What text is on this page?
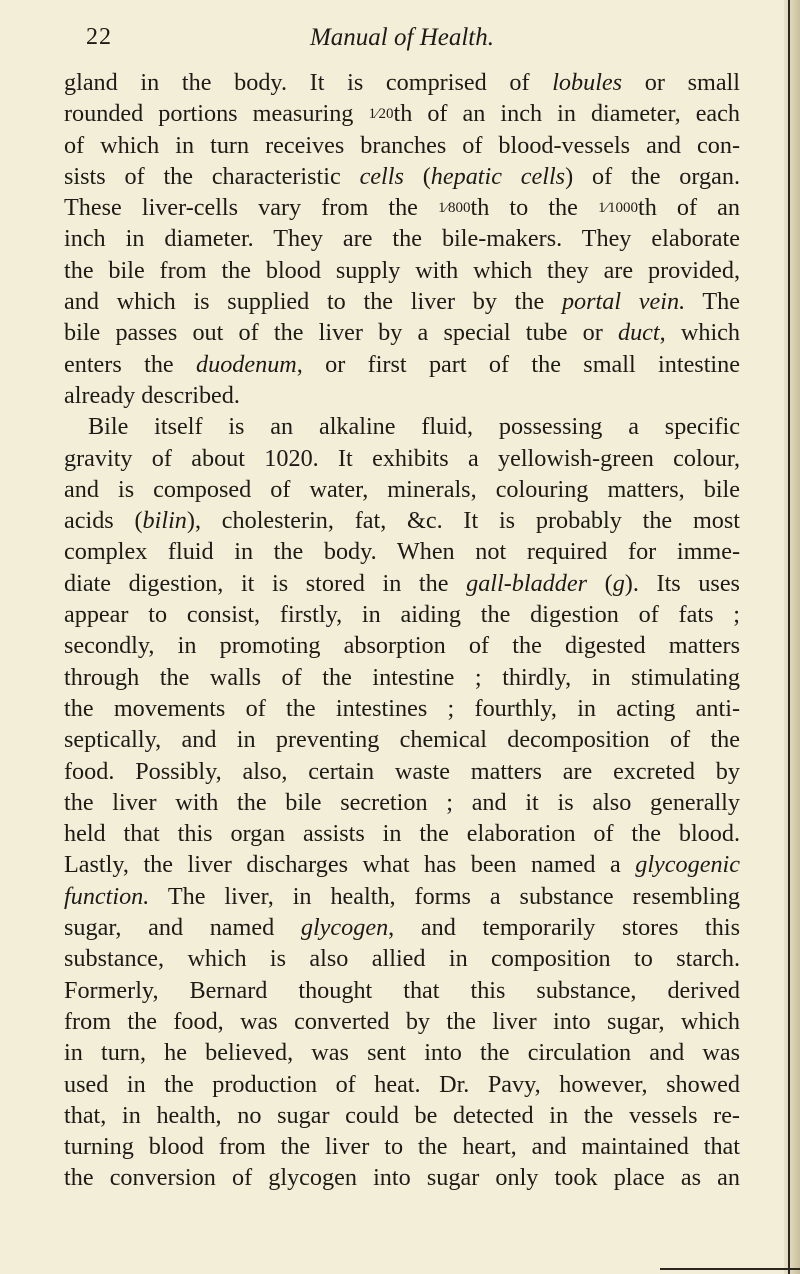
22	Manual of Health.
gland in the body. It is comprised of lobules or small
rounded portions measuring 1⁄20th of an inch in diameter, each
of which in turn receives branches of blood-vessels and con-
sists of the characteristic cells (hepatic cells) of the organ.
These liver-cells vary from the 1⁄800th to the 1⁄1000th of an
inch in diameter. They are the bile-makers. They elaborate
the bile from the blood supply with which they are provided,
and which is supplied to the liver by the portal vein. The
bile passes out of the liver by a special tube or duct, which
enters the duodenum, or first part of the small intestine
already described.
Bile itself is an alkaline fluid, possessing a specific
gravity of about 1020. It exhibits a yellowish-green colour,
and is composed of water, minerals, colouring matters, bile
acids (bilin), cholesterin, fat, &c. It is probably the most
complex fluid in the body. When not required for imme-
diate digestion, it is stored in the gall-bladder (g). Its uses
appear to consist, firstly, in aiding the digestion of fats ;
secondly, in promoting absorption of the digested matters
through the walls of the intestine ; thirdly, in stimulating
the movements of the intestines ; fourthly, in acting anti-
septically, and in preventing chemical decomposition of the
food. Possibly, also, certain waste matters are excreted by
the liver with the bile secretion ; and it is also generally
held that this organ assists in the elaboration of the blood.
Lastly, the liver discharges what has been named a glycogenic
function. The liver, in health, forms a substance resembling
sugar, and named glycogen, and temporarily stores this
substance, which is also allied in composition to starch.
Formerly, Bernard thought that this substance, derived
from the food, was converted by the liver into sugar, which
in turn, he believed, was sent into the circulation and was
used in the production of heat. Dr. Pavy, however, showed
that, in health, no sugar could be detected in the vessels re-
turning blood from the liver to the heart, and maintained that
the conversion of glycogen into sugar only took place as an
